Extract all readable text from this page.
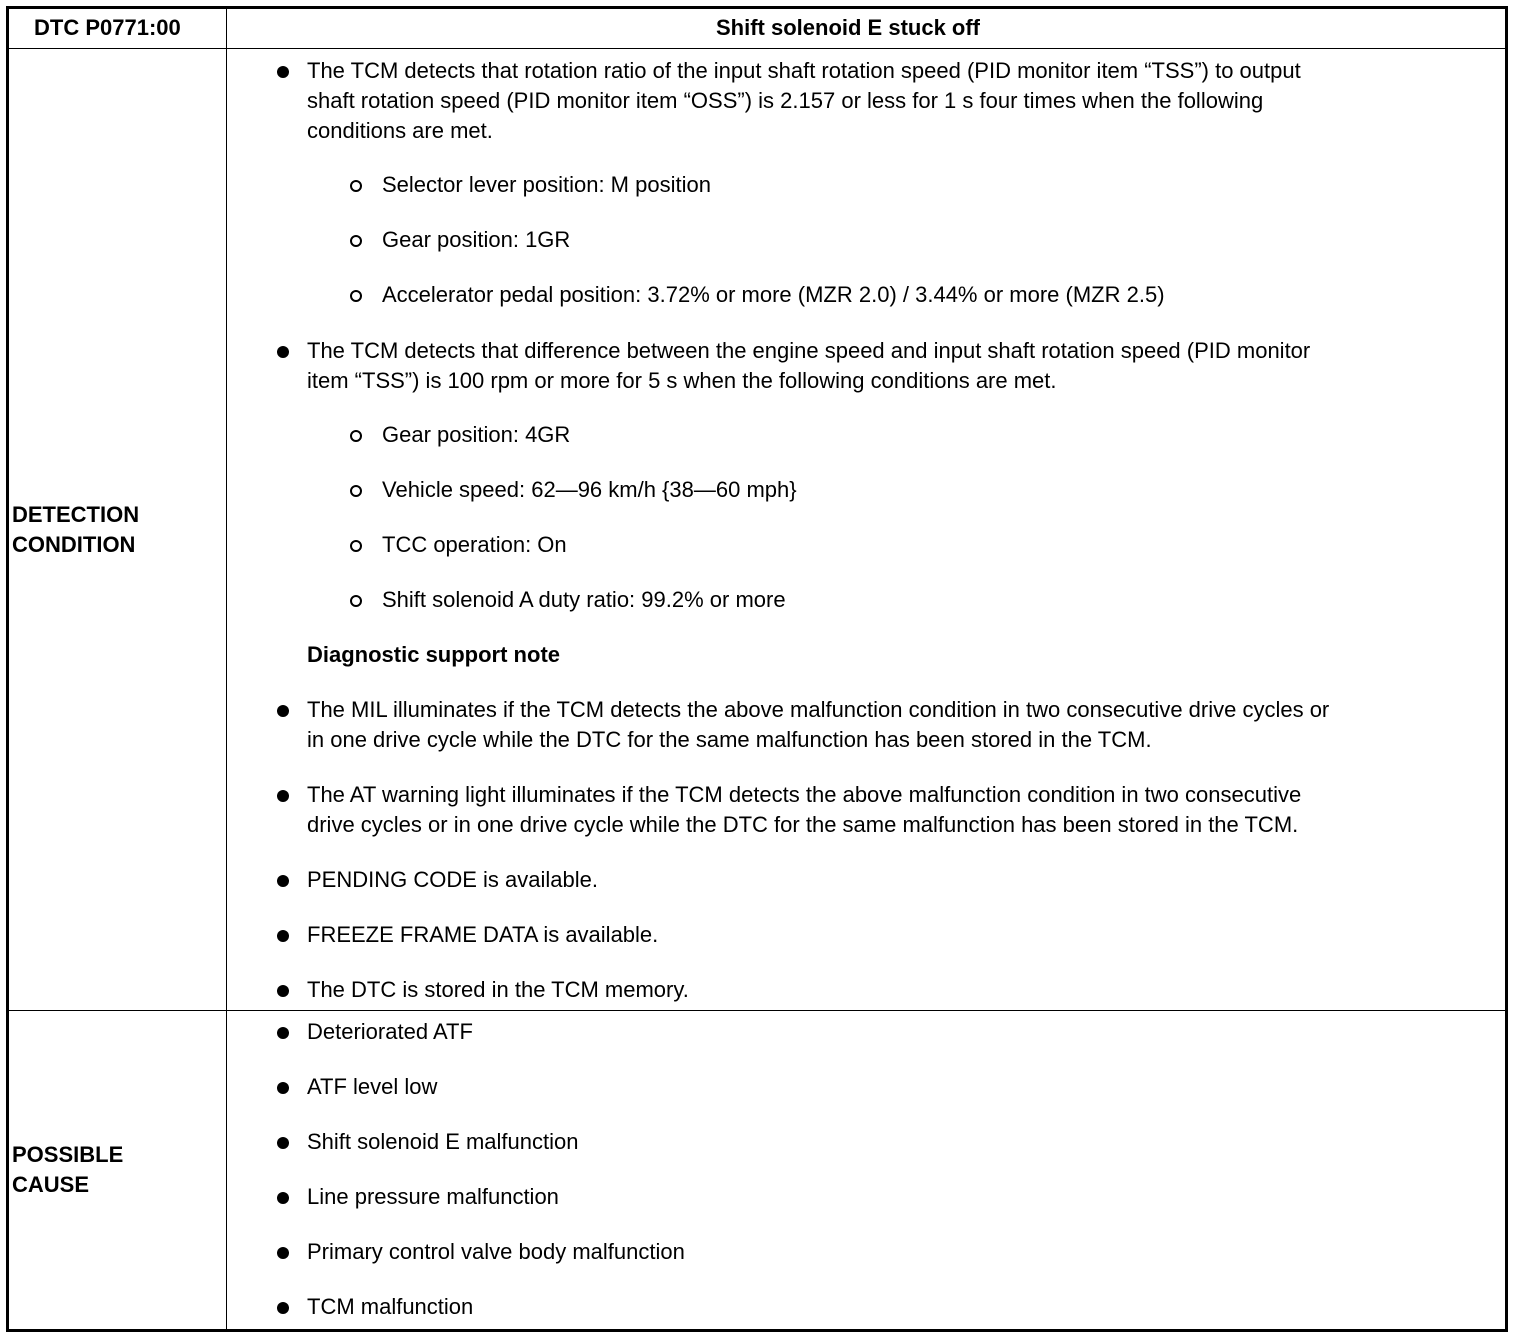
DTC P0771:00	Shift solenoid E stuck off
DETECTION
CONDITION
The TCM detects that rotation ratio of the input shaft rotation speed (PID monitor item “TSS”) to output
shaft rotation speed (PID monitor item “OSS”) is 2.157 or less for 1 s four times when the following
conditions are met.
Selector lever position: M position
Gear position: 1GR
Accelerator pedal position: 3.72% or more (MZR 2.0) / 3.44% or more (MZR 2.5)
The TCM detects that difference between the engine speed and input shaft rotation speed (PID monitor
item “TSS”) is 100 rpm or more for 5 s when the following conditions are met.
Gear position: 4GR
Vehicle speed: 62—96 km/h {38—60 mph}
TCC operation: On
Shift solenoid A duty ratio: 99.2% or more
Diagnostic support note
The MIL illuminates if the TCM detects the above malfunction condition in two consecutive drive cycles or
in one drive cycle while the DTC for the same malfunction has been stored in the TCM.
The AT warning light illuminates if the TCM detects the above malfunction condition in two consecutive
drive cycles or in one drive cycle while the DTC for the same malfunction has been stored in the TCM.
PENDING CODE is available.
FREEZE FRAME DATA is available.
The DTC is stored in the TCM memory.
POSSIBLE
CAUSE
Deteriorated ATF
ATF level low
Shift solenoid E malfunction
Line pressure malfunction
Primary control valve body malfunction
TCM malfunction
